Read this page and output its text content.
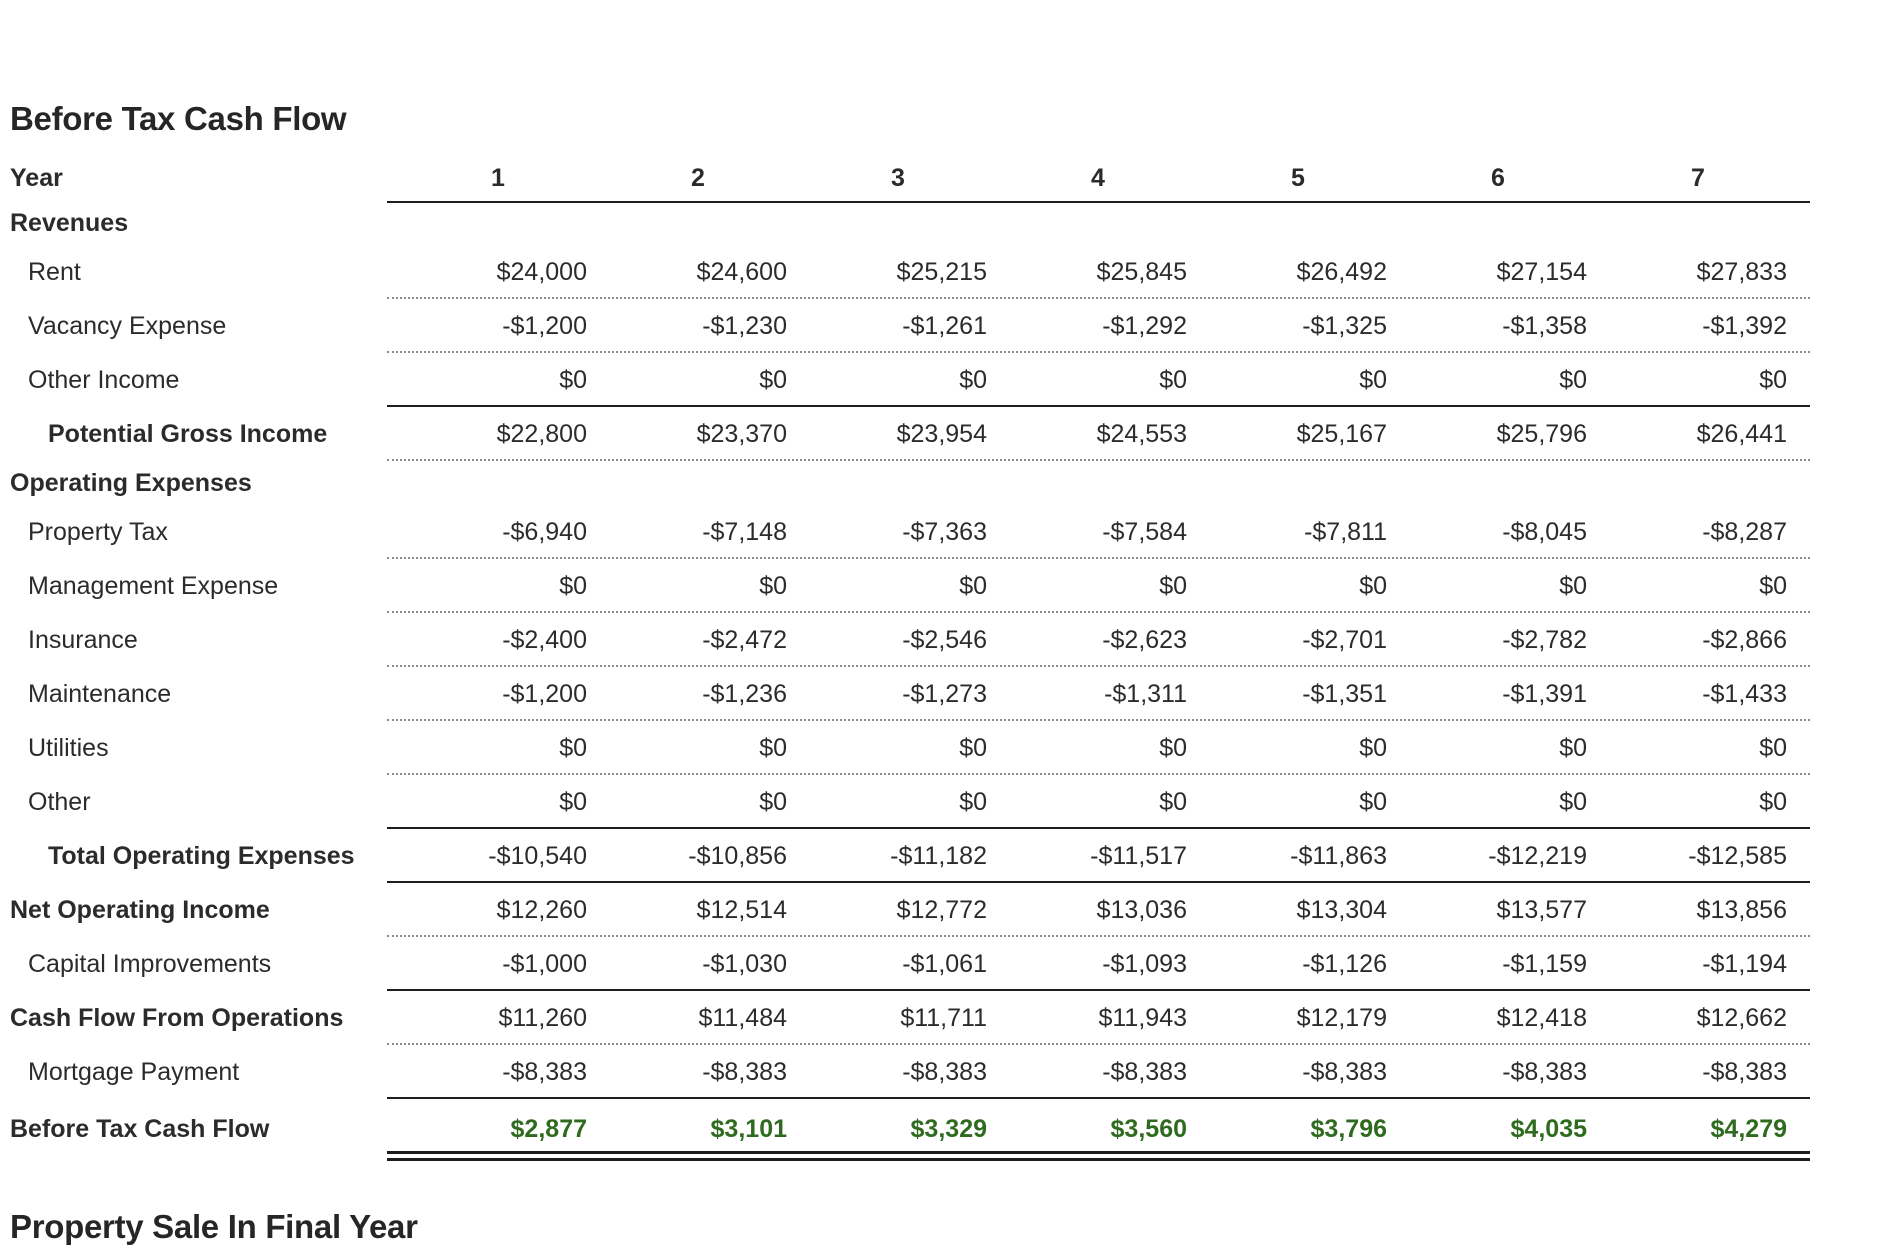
Before Tax Cash Flow
Year	1	2	3	4	5	6	7
Revenues
Rent	$24,000	$24,600	$25,215	$25,845	$26,492	$27,154	$27,833
Vacancy Expense	-$1,200	-$1,230	-$1,261	-$1,292	-$1,325	-$1,358	-$1,392
Other Income	$0	$0	$0	$0	$0	$0	$0
Potential Gross Income	$22,800	$23,370	$23,954	$24,553	$25,167	$25,796	$26,441
Operating Expenses
Property Tax	-$6,940	-$7,148	-$7,363	-$7,584	-$7,811	-$8,045	-$8,287
Management Expense	$0	$0	$0	$0	$0	$0	$0
Insurance	-$2,400	-$2,472	-$2,546	-$2,623	-$2,701	-$2,782	-$2,866
Maintenance	-$1,200	-$1,236	-$1,273	-$1,311	-$1,351	-$1,391	-$1,433
Utilities	$0	$0	$0	$0	$0	$0	$0
Other	$0	$0	$0	$0	$0	$0	$0
Total Operating Expenses	-$10,540	-$10,856	-$11,182	-$11,517	-$11,863	-$12,219	-$12,585
Net Operating Income	$12,260	$12,514	$12,772	$13,036	$13,304	$13,577	$13,856
Capital Improvements	-$1,000	-$1,030	-$1,061	-$1,093	-$1,126	-$1,159	-$1,194
Cash Flow From Operations	$11,260	$11,484	$11,711	$11,943	$12,179	$12,418	$12,662
Mortgage Payment	-$8,383	-$8,383	-$8,383	-$8,383	-$8,383	-$8,383	-$8,383
Before Tax Cash Flow	$2,877	$3,101	$3,329	$3,560	$3,796	$4,035	$4,279
Property Sale In Final Year
